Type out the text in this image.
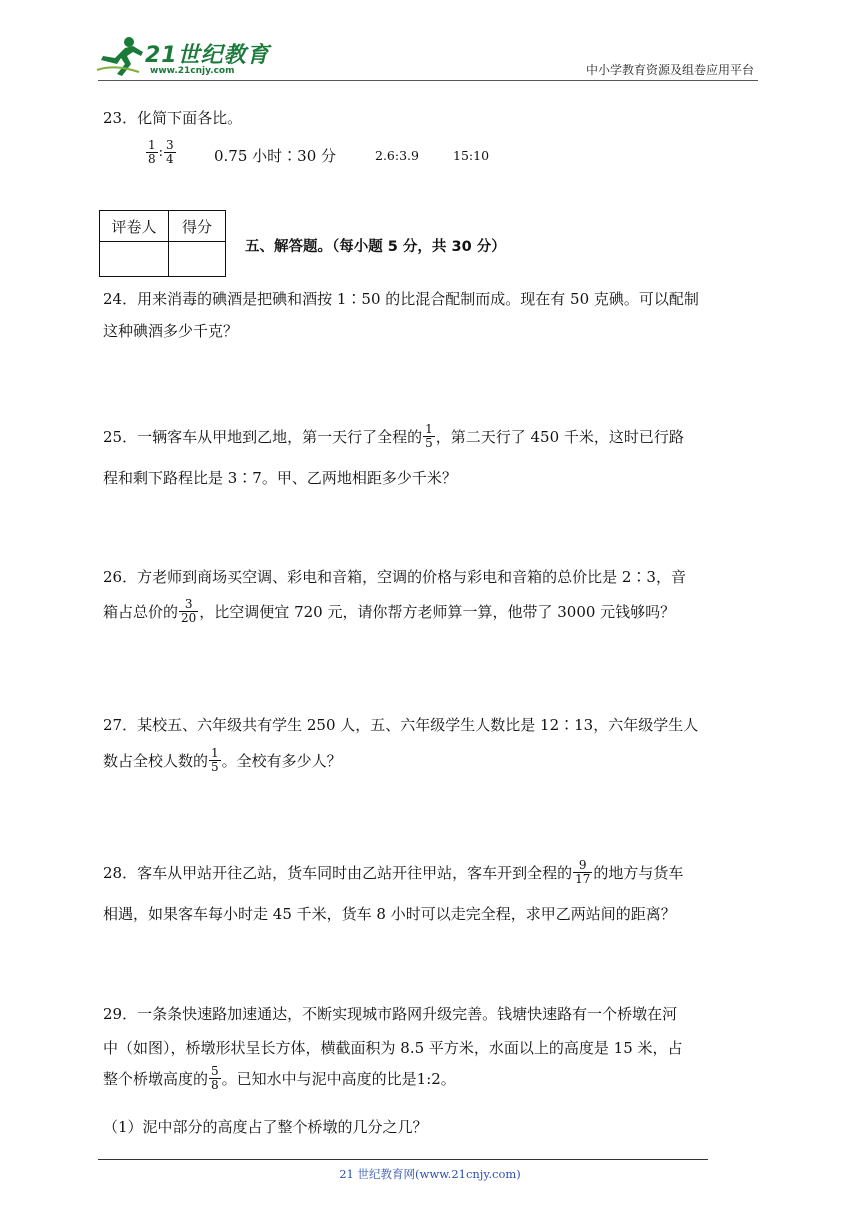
21世纪教育
www.21cnjy.com	中小学教育资源及组卷应用平台
23．化简下面各比。
$\frac{1}{8}$ : $\frac{3}{4}$	0.75 小时∶30 分	2.6:3.9	15:10
评卷人	得分

五、解答题。（每小题 5 分，共 30 分）
24．用来消毒的碘酒是把碘和酒按 1∶50 的比混合配制而成。现在有 50 克碘。可以配制
这种碘酒多少千克？
25．一辆客车从甲地到乙地，第一天行了全程的 $\frac{1}{5}$ ，第二天行了 450 千米，这时已行路
程和剩下路程比是 3∶7。甲、乙两地相距多少千米？
26．方老师到商场买空调、彩电和音箱，空调的价格与彩电和音箱的总价比是 2∶3，音
箱占总价的 $\frac{3}{20}$ ，比空调便宜 720 元，请你帮方老师算一算，他带了 3000 元钱够吗？
27．某校五、六年级共有学生 250 人，五、六年级学生人数比是 12∶13，六年级学生人
数占全校人数的 $\frac{1}{5}$ 。全校有多少人？
28．客车从甲站开往乙站，货车同时由乙站开往甲站，客车开到全程的 $\frac{9}{17}$ 的地方与货车
相遇，如果客车每小时走 45 千米，货车 8 小时可以走完全程，求甲乙两站间的距离？
29．一条条快速路加速通达，不断实现城市路网升级完善。钱塘快速路有一个桥墩在河
中（如图），桥墩形状呈长方体，横截面积为 8.5 平方米，水面以上的高度是 15 米，占
整个桥墩高度的 $\frac{5}{8}$ 。已知水中与泥中高度的比是1:2。
（1）泥中部分的高度占了整个桥墩的几分之几？
21 世纪教育网(www.21cnjy.com)
